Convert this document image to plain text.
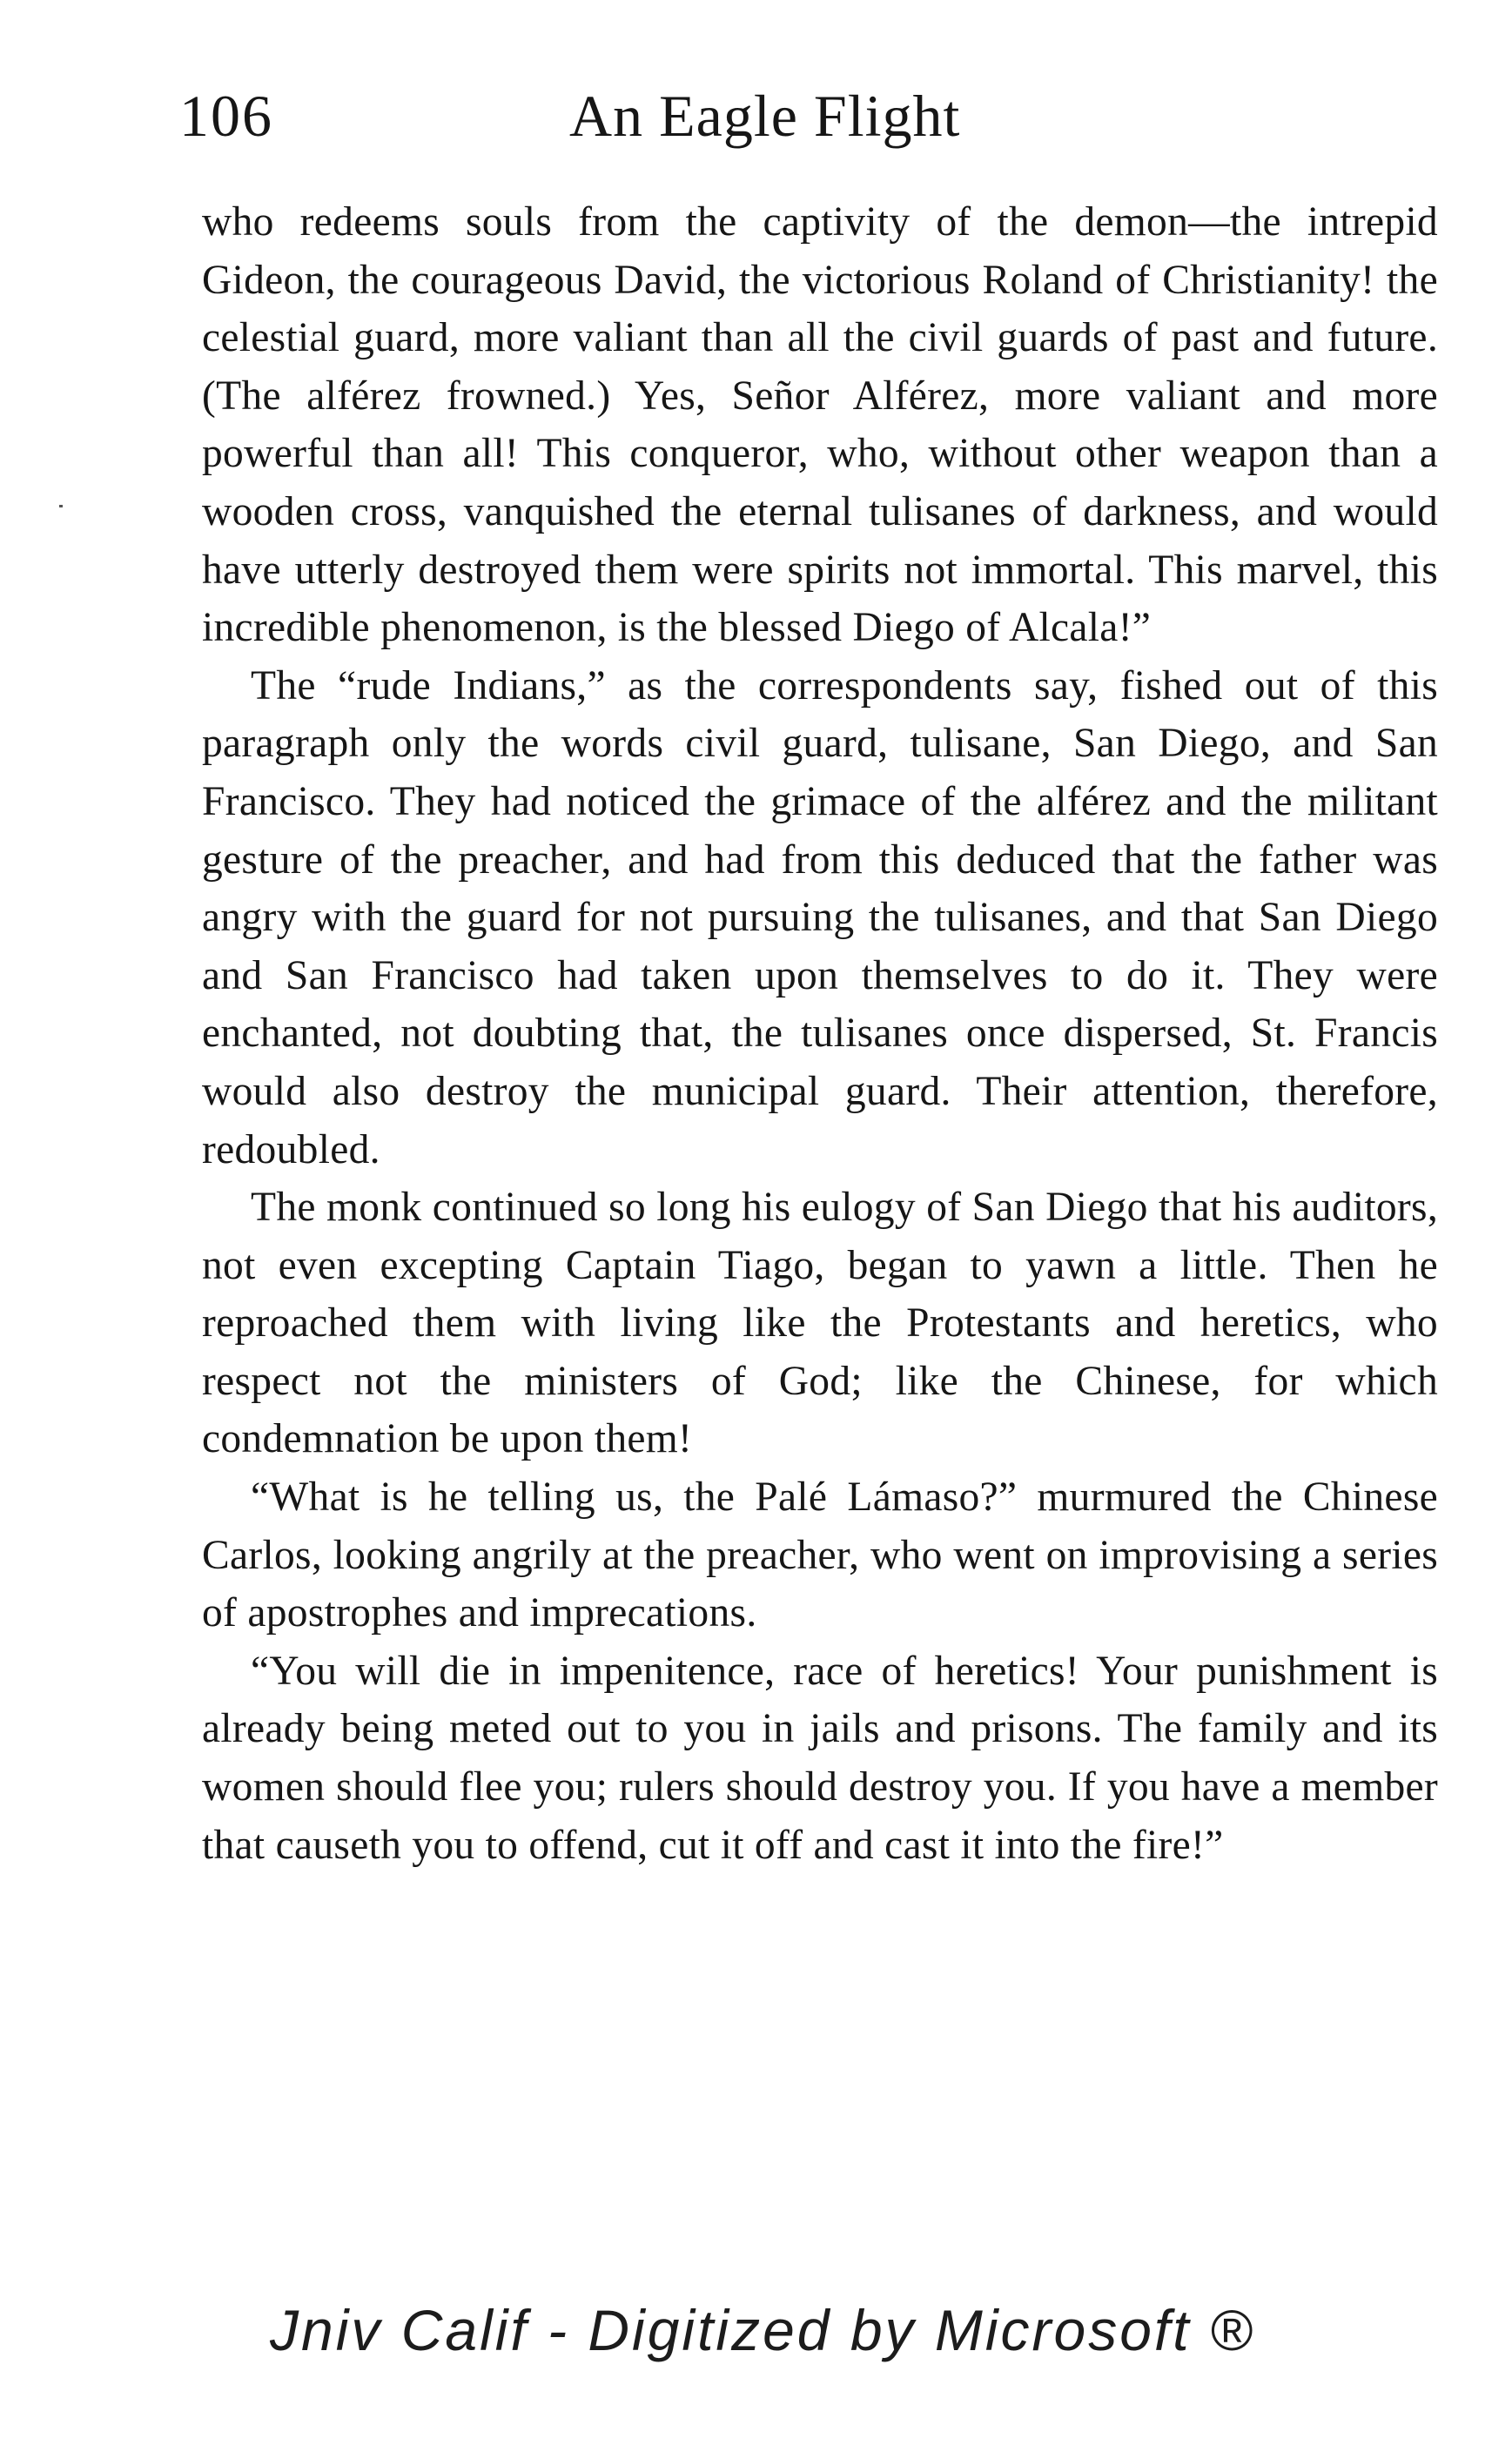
106	An Eagle Flight

who redeems souls from the captivity of the demon—the intrepid Gideon, the courageous David, the victorious Roland of Christianity! the celestial guard, more valiant than all the civil guards of past and future. (The alférez frowned.) Yes, Señor Alférez, more valiant and more powerful than all! This conqueror, who, without other weapon than a wooden cross, vanquished the eternal tulisanes of darkness, and would have utterly destroyed them were spirits not immortal. This marvel, this incredible phenomenon, is the blessed Diego of Alcala!”

The “rude Indians,” as the correspondents say, fished out of this paragraph only the words civil guard, tulisane, San Diego, and San Francisco. They had noticed the grimace of the alférez and the militant gesture of the preacher, and had from this deduced that the father was angry with the guard for not pursuing the tulisanes, and that San Diego and San Francisco had taken upon themselves to do it. They were enchanted, not doubting that, the tulisanes once dispersed, St. Francis would also destroy the municipal guard. Their attention, therefore, redoubled.

The monk continued so long his eulogy of San Diego that his auditors, not even excepting Captain Tiago, began to yawn a little. Then he reproached them with living like the Protestants and heretics, who respect not the ministers of God; like the Chinese, for which condemnation be upon them!

“What is he telling us, the Palé Lámaso?” murmured the Chinese Carlos, looking angrily at the preacher, who went on improvising a series of apostrophes and imprecations.

“You will die in impenitence, race of heretics! Your punishment is already being meted out to you in jails and prisons. The family and its women should flee you; rulers should destroy you. If you have a member that causeth you to offend, cut it off and cast it into the fire!”

Jniv Calif - Digitized by Microsoft ®
